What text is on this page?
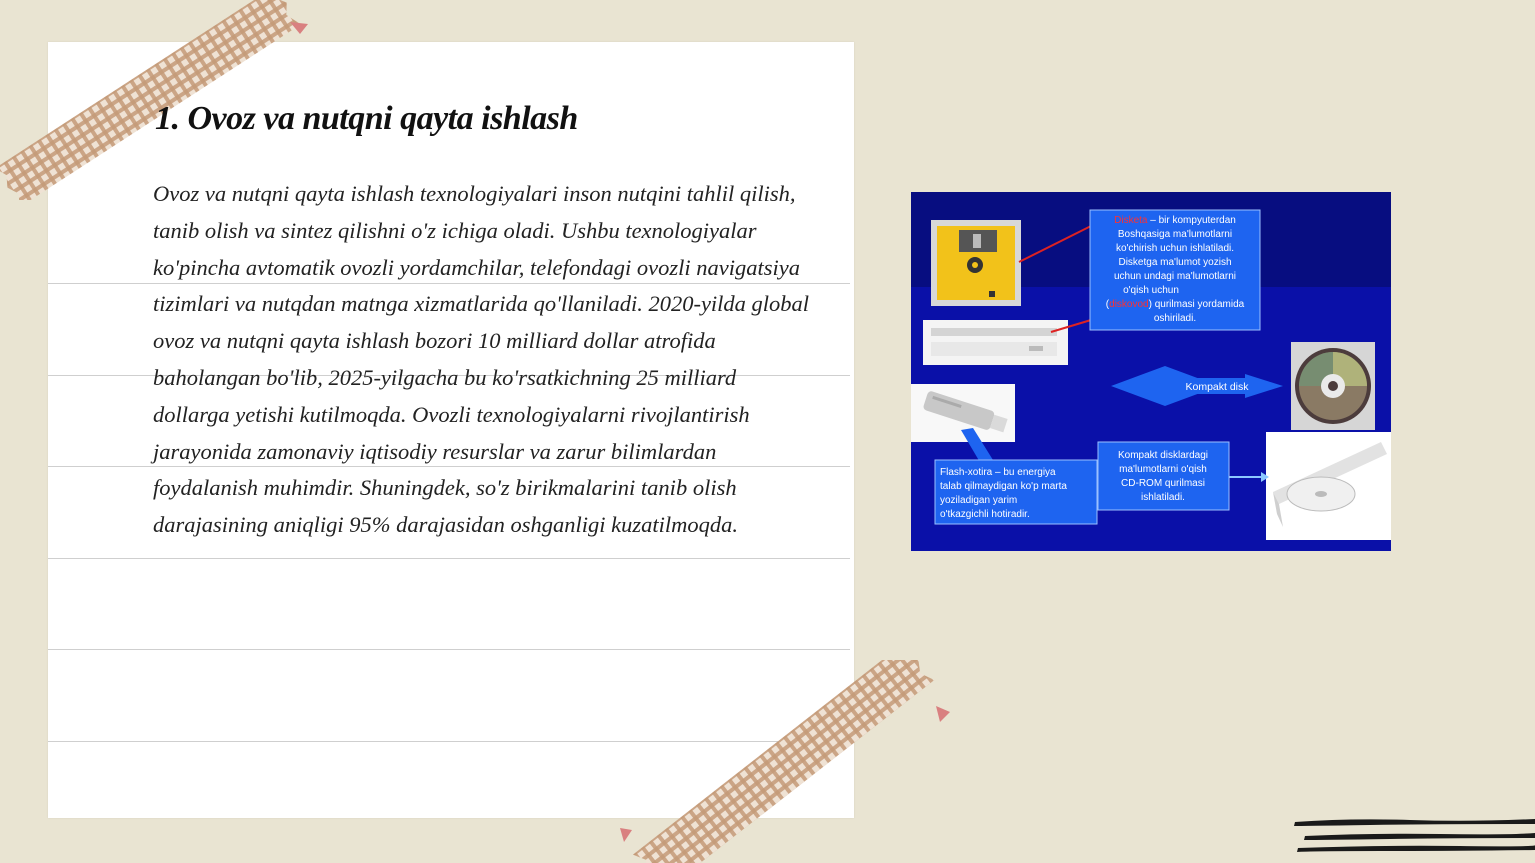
1. Ovoz va nutqni qayta ishlash

Ovoz va nutqni qayta ishlash texnologiyalari inson nutqini tahlil qilish, tanib olish va sintez qilishni o'z ichiga oladi. Ushbu texnologiyalar ko'pincha avtomatik ovozli yordamchilar, telefondagi ovozli navigatsiya tizimlari va nutqdan matnga xizmatlarida qo'llaniladi. 2020-yilda global ovoz va nutqni qayta ishlash bozori 10 milliard dollar atrofida baholangan bo'lib, 2025-yilgacha bu ko'rsatkichning 25 milliard dollarga yetishi kutilmoqda. Ovozli texnologiyalarni rivojlantirish jarayonida zamonaviy iqtisodiy resurslar va zarur bilimlardan foydalanish muhimdir. Shuningdek, so'z birikmalarini tanib olish darajasining aniqligi 95% darajasidan oshganligi kuzatilmoqda.

Disketa – bir kompyuterdan
Boshqasiga ma'lumotlarni
ko'chirish uchun ishlatiladi.
Disketga ma'lumot yozish
uchun undagi ma'lumotlarni
o'qish uchun
(diskovod) qurilmasi yordamida
oshiriladi.
Kompakt disk
Flash-xotira – bu energiya
talab qilmaydigan ko'p marta
yoziladigan yarim
o'tkazgichli hotiradir.
Kompakt disklardagi
ma'lumotlarni o'qish
CD-ROM qurilmasi
ishlatiladi.
